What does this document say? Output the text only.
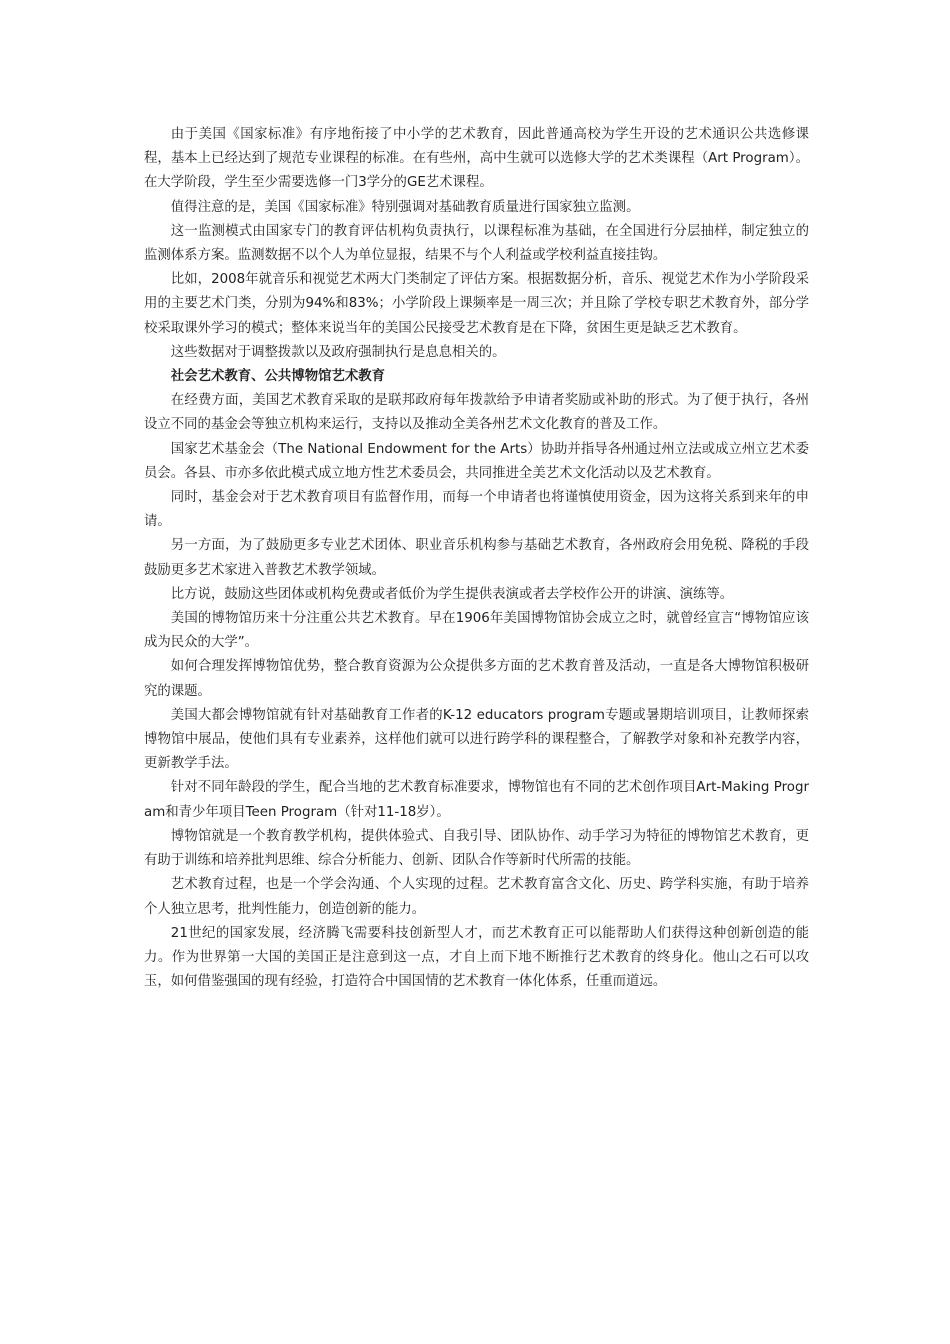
由于美国《国家标准》有序地衔接了中小学的艺术教育，因此普通高校为学生开设的艺术通识公共选修课程，基本上已经达到了规范专业课程的标准。在有些州，高中生就可以选修大学的艺术类课程（Art Program）。在大学阶段，学生至少需要选修一门3学分的GE艺术课程。

值得注意的是，美国《国家标准》特别强调对基础教育质量进行国家独立监测。

这一监测模式由国家专门的教育评估机构负责执行，以课程标准为基础，在全国进行分层抽样，制定独立的监测体系方案。监测数据不以个人为单位显报，结果不与个人利益或学校利益直接挂钩。

比如，2008年就音乐和视觉艺术两大门类制定了评估方案。根据数据分析，音乐、视觉艺术作为小学阶段采用的主要艺术门类，分别为94%和83%；小学阶段上课频率是一周三次；并且除了学校专职艺术教育外，部分学校采取课外学习的模式；整体来说当年的美国公民接受艺术教育是在下降，贫困生更是缺乏艺术教育。

这些数据对于调整拨款以及政府强制执行是息息相关的。

社会艺术教育、公共博物馆艺术教育

在经费方面，美国艺术教育采取的是联邦政府每年拨款给予申请者奖励或补助的形式。为了便于执行，各州设立不同的基金会等独立机构来运行，支持以及推动全美各州艺术文化教育的普及工作。

国家艺术基金会（The National Endowment for the Arts）协助并指导各州通过州立法或成立州立艺术委员会。各县、市亦多依此模式成立地方性艺术委员会，共同推进全美艺术文化活动以及艺术教育。

同时，基金会对于艺术教育项目有监督作用，而每一个申请者也将谨慎使用资金，因为这将关系到来年的申请。

另一方面，为了鼓励更多专业艺术团体、职业音乐机构参与基础艺术教育，各州政府会用免税、降税的手段鼓励更多艺术家进入普教艺术教学领域。

比方说，鼓励这些团体或机构免费或者低价为学生提供表演或者去学校作公开的讲演、演练等。

美国的博物馆历来十分注重公共艺术教育。早在1906年美国博物馆协会成立之时，就曾经宣言“博物馆应该成为民众的大学”。

如何合理发挥博物馆优势，整合教育资源为公众提供多方面的艺术教育普及活动，一直是各大博物馆积极研究的课题。

美国大都会博物馆就有针对基础教育工作者的K-12 educators program专题或暑期培训项目，让教师探索博物馆中展品，使他们具有专业素养，这样他们就可以进行跨学科的课程整合，了解教学对象和补充教学内容，更新教学手法。

针对不同年龄段的学生，配合当地的艺术教育标准要求，博物馆也有不同的艺术创作项目Art-Making Program和青少年项目Teen Program（针对11-18岁）。

博物馆就是一个教育教学机构，提供体验式、自我引导、团队协作、动手学习为特征的博物馆艺术教育，更有助于训练和培养批判思维、综合分析能力、创新、团队合作等新时代所需的技能。

艺术教育过程，也是一个学会沟通、个人实现的过程。艺术教育富含文化、历史、跨学科实施，有助于培养个人独立思考，批判性能力，创造创新的能力。

21世纪的国家发展，经济腾飞需要科技创新型人才，而艺术教育正可以能帮助人们获得这种创新创造的能力。作为世界第一大国的美国正是注意到这一点，才自上而下地不断推行艺术教育的终身化。他山之石可以攻玉，如何借鉴强国的现有经验，打造符合中国国情的艺术教育一体化体系，任重而道远。
